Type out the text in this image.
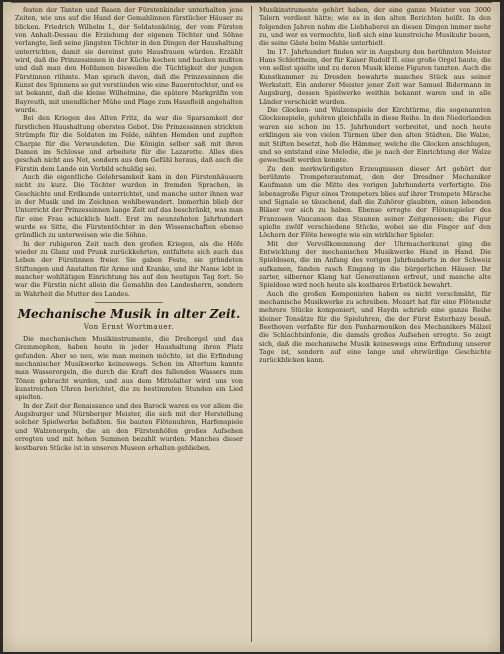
festen der Tanten und Basen der Fürstenkinder unterhalten jene Zeiten, wie uns auf die Hand der Gemahlinnen fürstlicher Häuser zu blicken. Friedrich Wilhelm I., der Soldatenkönig, der vom Fürsten von Anhalt-Dessau die Erziehung der eigenen Töchter und Söhne verlangte, ließ seine jüngsten Töchter in den Dingen der Haushaltung unterrichten, damit sie dereinst gute Hausfrauen würden. Erzählt wird, daß die Prinzessinnen in der Küche kochen und backen mußten und daß man den Hofdamen bisweilen die Tüchtigkeit der jungen Fürstinnen rühmte. Man sprach davon, daß die Prinzessinnen die Kunst des Spinnens so gut verstünden wie eine Bauerntochter, und es ist bekannt, daß die kleine Wilhelmine, die spätere Markgräfin von Bayreuth, mit unendlicher Mühe und Plage zum Hausfleiß angehalten wurde.

Bei den Kriegen des Alten Fritz, da war die Sparsamkeit der fürstlichen Haushaltung oberstes Gebot. Die Prinzessinnen strickten Strümpfe für die Soldaten im Felde, nähten Hemden und zupften Charpie für die Verwundeten. Die Königin selber saß mit ihren Damen im Schlosse und arbeitete für die Lazarette. Alles dies geschah nicht aus Not, sondern aus dem Gefühl heraus, daß auch die Fürstin dem Lande ein Vorbild schuldig sei.

Auch die eigentliche Gelehrsamkeit kam in den Fürstenhäusern nicht zu kurz. Die Töchter wurden in fremden Sprachen, in Geschichte und Erdkunde unterrichtet, und manche unter ihnen war in der Musik und im Zeichnen wohlbewandert. Immerhin blieb der Unterricht der Prinzessinnen lange Zeit auf das beschränkt, was man für eine Frau schicklich hielt. Erst im neunzehnten Jahrhundert wurde es Sitte, die Fürstentöchter in den Wissenschaften ebenso gründlich zu unterweisen wie die Söhne.

In der ruhigeren Zeit nach den großen Kriegen, als die Höfe wieder zu Glanz und Prunk zurückkehrten, entfaltete sich auch das Leben der Fürstinnen freier. Sie gaben Feste, sie gründeten Stiftungen und Anstalten für Arme und Kranke, und ihr Name lebt in mancher wohltätigen Einrichtung bis auf den heutigen Tag fort. So war die Fürstin nicht allein die Gemahlin des Landesherrn, sondern in Wahrheit die Mutter des Landes.

Mechanische Musik in alter Zeit.
Von Ernst Wortmauer.

Die mechanischen Musikinstrumente, die Drehorgel und das Grammophon, haben heute in jeder Haushaltung ihren Platz gefunden. Aber so neu, wie man meinen möchte, ist die Erfindung mechanischer Musikwerke keineswegs. Schon im Altertum kannte man Wasserorgeln, die durch die Kraft des fallenden Wassers zum Tönen gebracht wurden, und aus dem Mittelalter wird uns von kunstreichen Uhren berichtet, die zu bestimmten Stunden ein Lied spielten.

In der Zeit der Renaissance und des Barock waren es vor allem die Augsburger und Nürnberger Meister, die sich mit der Herstellung solcher Spielwerke befaßten. Sie bauten Flötenuhren, Harfenspiele und Walzenorgeln, die an den Fürstenhöfen großes Aufsehen erregten und mit hohen Summen bezahlt wurden. Manches dieser kostbaren Stücke ist in unseren Museen erhalten geblieben.

Musikinstrumente gehört haben, der eine ganze Meister von 3000 Talern verdient hätte; wie es in den alten Berichten heißt. In den folgenden Jahren nahm die Liebhaberei an diesen Dingen immer mehr zu, und wer es vermochte, ließ sich eine kunstreiche Musikuhr bauen, die seine Gäste beim Mahle unterhielt.

Im 17. Jahrhundert finden wir in Augsburg den berühmten Meister Hans Schlottheim, der für Kaiser Rudolf II. eine große Orgel baute, die von selbst spielte und zu deren Musik kleine Figuren tanzten. Auch die Kunstkammer zu Dresden bewahrte manches Stück aus seiner Werkstatt. Ein anderer Meister jener Zeit war Samuel Bidermann in Augsburg, dessen Spielwerke weithin bekannt waren und in alle Länder verschickt wurden.

Die Glocken- und Walzenspiele der Kirchtürme, die sogenannten Glockenspiele, gehören gleichfalls in diese Reihe. In den Niederlanden waren sie schon im 15. Jahrhundert verbreitet, und noch heute erklingen sie von vielen Türmen über den alten Städten. Die Walze, mit Stiften besetzt, hob die Hämmer, welche die Glocken anschlugen, und so entstand eine Melodie, die je nach der Einrichtung der Walze gewechselt werden konnte.

Zu den merkwürdigsten Erzeugnissen dieser Art gehört der berühmte Trompeterautomat, den der Dresdner Mechaniker Kaufmann um die Mitte des vorigen Jahrhunderts verfertigte. Die lebensgroße Figur eines Trompeters blies auf ihrer Trompete Märsche und Signale so täuschend, daß die Zuhörer glaubten, einen lebenden Bläser vor sich zu haben. Ebenso erregte der Flötenspieler des Franzosen Vaucanson das Staunen seiner Zeitgenossen; die Figur spielte zwölf verschiedene Stücke, wobei sie die Finger auf den Löchern der Flöte bewegte wie ein wirklicher Spieler.

Mit der Vervollkommnung der Uhrmacherkunst ging die Entwicklung der mechanischen Musikwerke Hand in Hand. Die Spieldosen, die im Anfang des vorigen Jahrhunderts in der Schweiz aufkamen, fanden rasch Eingang in die bürgerlichen Häuser. Ihr zarter, silberner Klang hat Generationen erfreut, und manche alte Spieldose wird noch heute als kostbares Erbstück bewahrt.

Auch die großen Komponisten haben es nicht verschmäht, für mechanische Musikwerke zu schreiben. Mozart hat für eine Flötenuhr mehrere Stücke komponiert, und Haydn schrieb eine ganze Reihe kleiner Tonsätze für die Spieluhren, die der Fürst Esterhazy besaß. Beethoven verfaßte für den Panharmonikon des Mechanikers Mälzel die Schlachtsinfonie, die damals großes Aufsehen erregte. So zeigt sich, daß die mechanische Musik keineswegs eine Erfindung unserer Tage ist, sondern auf eine lange und ehrwürdige Geschichte zurückblicken kann.
